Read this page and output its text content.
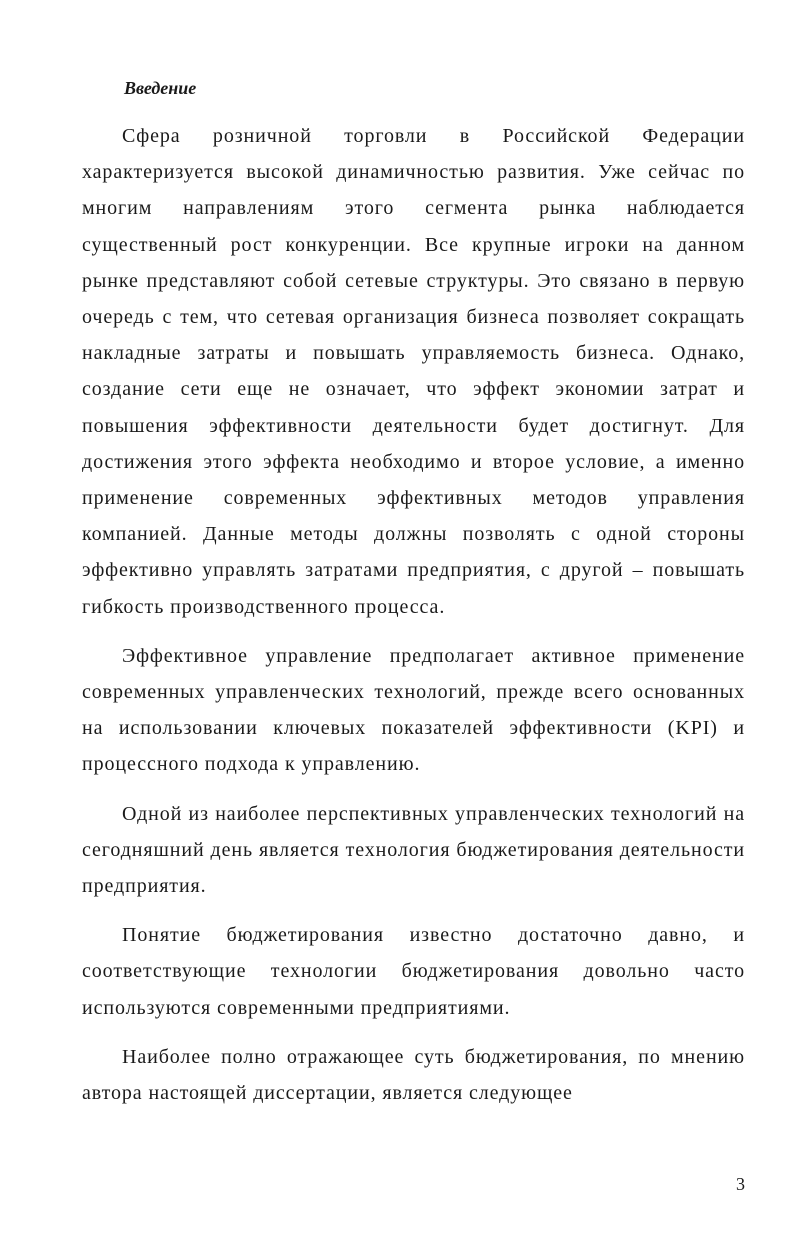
Введение

Сфера розничной торговли в Российской Федерации характеризуется высокой динамичностью развития. Уже сейчас по многим направлениям этого сегмента рынка наблюдается существенный рост конкуренции. Все крупные игроки на данном рынке представляют собой сетевые структуры. Это связано в первую очередь с тем, что сетевая организация бизнеса позволяет сокращать накладные затраты и повышать управляемость бизнеса. Однако, создание сети еще не означает, что эффект экономии затрат и повышения эффективности деятельности будет достигнут. Для достижения этого эффекта необходимо и второе условие, а именно применение современных эффективных методов управления компанией. Данные методы должны позволять с одной стороны эффективно управлять затратами предприятия, с другой – повышать гибкость производственного процесса.

Эффективное управление предполагает активное применение современных управленческих технологий, прежде всего основанных на использовании ключевых показателей эффективности (KPI) и процессного подхода к управлению.

Одной из наиболее перспективных управленческих технологий на сегодняшний день является технология бюджетирования деятельности предприятия.

Понятие бюджетирования известно достаточно давно, и соответствующие технологии бюджетирования довольно часто используются современными предприятиями.

Наиболее полно отражающее суть бюджетирования, по мнению автора настоящей диссертации, является следующее

3
